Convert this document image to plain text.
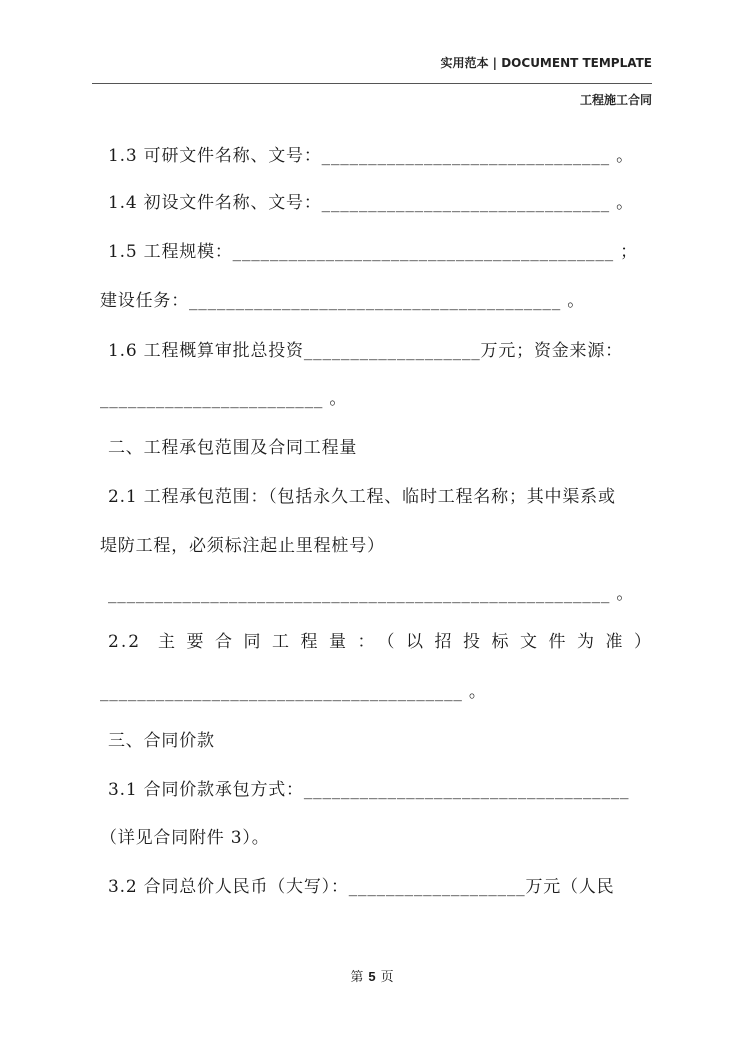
实用范本 | DOCUMENT TEMPLATE
工程施工合同
1.3 可研文件名称、文号：_______________________________ 。
1.4 初设文件名称、文号：_______________________________ 。
1.5 工程规模：_________________________________________ ；
建设任务：________________________________________ 。
1.6 工程概算审批总投资___________________万元；资金来源：
________________________ 。
二、工程承包范围及合同工程量
2.1 工程承包范围：（包括永久工程、临时工程名称；其中渠系或
堤防工程，必须标注起止里程桩号）
______________________________________________________ 。
2.2 主要合同工程量：（以招投标文件为准）
_______________________________________ 。
三、合同价款
3.1 合同价款承包方式：___________________________________
（详见合同附件 3）。
3.2 合同总价人民币（大写）：___________________万元（人民
第 5 页
